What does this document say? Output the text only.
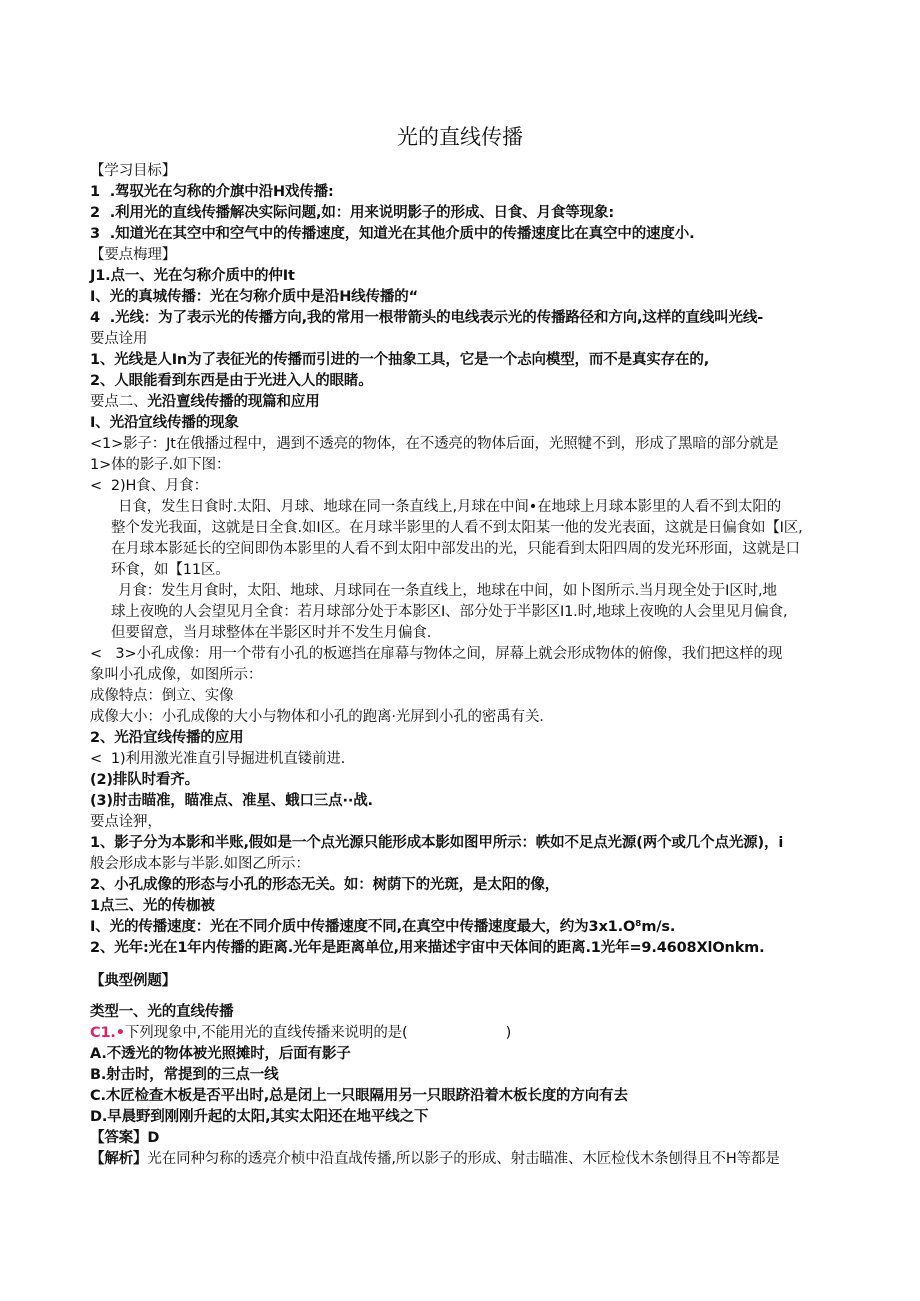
光的直线传播
【学习目标】
1  .驾驭光在匀称的介旗中沿H戏传播:
2  .利用光的直线传播解决实际问题,如：用来说明影子的形成、日食、月食等现象:
3  .知道光在其空中和空气中的传播速度，知道光在其他介质中的传播速度比在真空中的速度小.
【要点梅理】
J1.点一、光在匀称介质中的仲It
I、光的真城传播：光在匀称介质中是沿H线传播的“
4  .光线：为了表示光的传播方向,我的常用一根带箭头的电线表示光的传播路径和方向,这样的直线叫光线-
要点诠用
1、光线是人In为了表征光的传播而引进的一个抽象工具，它是一个忐向模型，而不是真实存在的,
2、人眼能看到东西是由于光进入人的眼睹。
要点二、光沿亶线传播的现篇和应用
I、光沿宜线传播的现象
<1>影子：Jt在俄播过程中，遇到不透亮的物体，在不透亮的物体后面，光照犍不到，形成了黑暗的部分就是
1>体的影子.如下图：
<  2)H食、月食：
日食，发生日食时.太阳、月球、地球在同一条直线上,月球在中间•在地球上月球本影里的人看不到太阳的
整个发光我面，这就是日全食.如I区。在月球半影里的人看不到太阳某一他的发光表面，这就是日偏食如【I区,
在月球本影延长的空间即伪本影里的人看不到太阳中部发出的光，只能看到太阳四周的发光环形面，这就是口
环食，如【11区。
月食：发生月食时，太阳、地球、月球同在一条直线上，地球在中间，如卜图所示.当月现全处于I区时,地
球上夜晚的人会望见月全食：若月球部分处于本影区I、部分处于半影区I1.时,地球上夜晚的人会里见月偏食,
但要留意，当月球整体在半影区时并不发生月偏食.
<   3>小孔成像：用一个带有小孔的板遮挡在扉幕与物体之间，屏幕上就会形成物体的俯像，我们把这样的现
象叫小孔成像，如图所示：
成像特点：倒立、实像
成像大小：小孔成像的大小与物体和小孔的跑离·光屏到小孔的密禹有关.
2、光沿宜线传播的应用
<  1)利用激光准直引导掘进机直镂前进.
(2)排队时看齐。
(3)肘击瞄准，瞄准点、准星、蛾口三点··战.
要点诠狎，
1、影子分为本影和半账,假如是一个点光源只能形成本影如图甲所示：帙如不足点光源(两个或几个点光源)，i
般会形成本影与半影.如图乙所示：
2、小孔成像的形态与小孔的形态无关。如：树荫下的光斑，是太阳的像，
1点三、光的传枷被
I、光的传播速度：光在不同介质中传播速度不同,在真空中传播速度最大，约为3x1.O⁸m/s.
2、光年:光在1年内传播的距离.光年是距离单位,用来描述宇宙中天体间的距离.1光年=9.4608XlOnkm.
【典型例题】
类型一、光的直线传播
C1.•下列现象中,不能用光的直线传播来说明的是(                      )
A.不透光的物体被光照摊时，后面有影子
B.射击时，常提到的三点一线
C.木匠检查木板是否平出时,总是闭上一只眼隔用另一只眼跻沿着木板长度的方向有去
D.早晨野到刚刚升起的太阳,其实太阳还在地平线之下
【答案】D
【解析】光在同种匀称的透亮介桢中沿直战传播,所以影子的形成、射击瞄准、木匠检伐木条刨得且不H等都是
